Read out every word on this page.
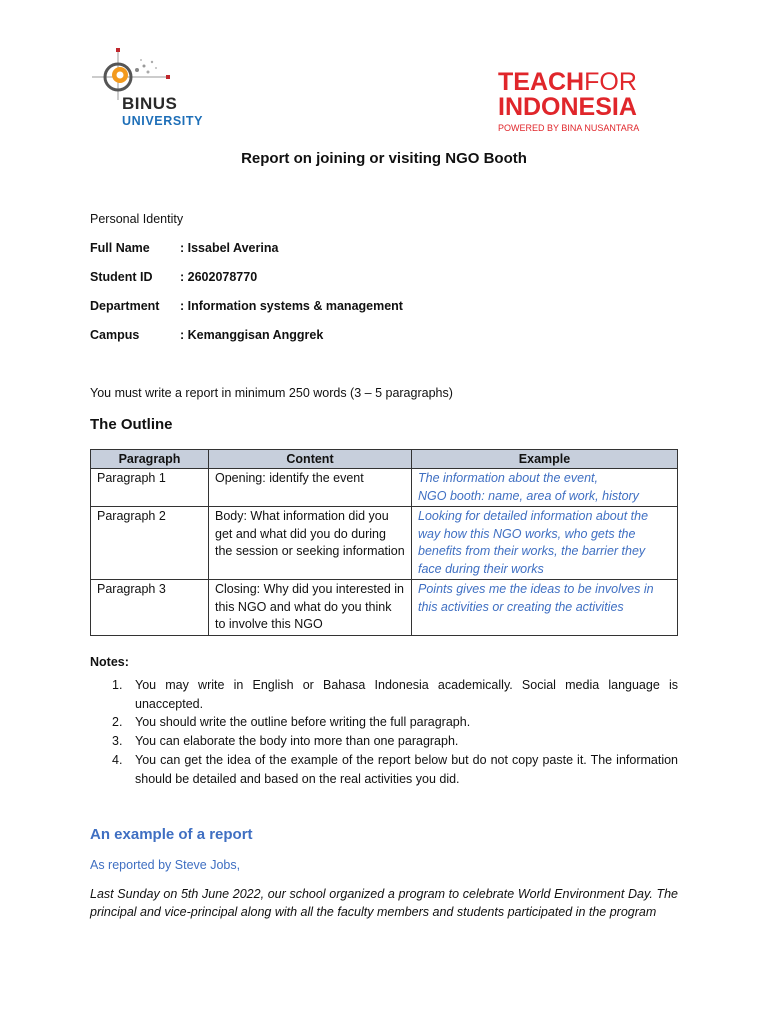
BINUS
UNIVERSITY
TEACHFOR
INDONESIA
POWERED BY BINA NUSANTARA
Report on joining or visiting NGO Booth
Personal Identity
Full Name : Issabel Averina
Student ID : 2602078770
Department : Information systems & management
Campus	: Kemanggisan Anggrek
You must write a report in minimum 250 words (3 – 5 paragraphs)
The Outline
Paragraph	Content	Example
Paragraph 1	Opening: identify the event	The information about the event,
NGO booth: name, area of work, history
Paragraph 2	Body: What information did you get and what did you do during the session or seeking information	Looking for detailed information about the way how this NGO works, who gets the benefits from their works, the barrier they face during their works
Paragraph 3	Closing: Why did you interested in this NGO and what do you think to involve this NGO	Points gives me the ideas to be involves in this activities or creating the activities
Notes:
1. You may write in English or Bahasa Indonesia academically. Social media language is unaccepted.
2. You should write the outline before writing the full paragraph.
3. You can elaborate the body into more than one paragraph.
4. You can get the idea of the example of the report below but do not copy paste it. The information should be detailed and based on the real activities you did.
An example of a report
As reported by Steve Jobs,
Last Sunday on 5th June 2022, our school organized a program to celebrate World Environment Day. The principal and vice-principal along with all the faculty members and students participated in the program
